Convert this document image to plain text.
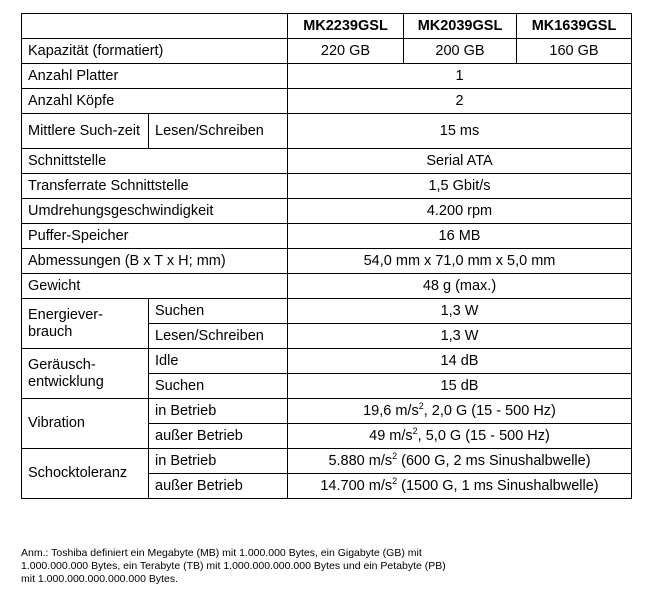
		MK2239GSL	MK2039GSL	MK1639GSL
Kapazität (formatiert)		220 GB	200 GB	160 GB
Anzahl Platter		1		
Anzahl Köpfe		2		
Mittlere Such-zeit	Lesen/Schreiben	15 ms		
Schnittstelle		Serial ATA		
Transferrate Schnittstelle		1,5 Gbit/s		
Umdrehungsgeschwindigkeit		4.200 rpm		
Puffer-Speicher		16 MB		
Abmessungen (B x T x H; mm)		54,0 mm x 71,0 mm x 5,0 mm		
Gewicht		48 g (max.)		
Energiever-brauch	Suchen	1,3 W		
	Lesen/Schreiben	1,3 W		
Geräusch-entwicklung	Idle	14 dB		
	Suchen	15 dB		
Vibration	in Betrieb	19,6 $m/s^2$, 2,0 G (15 - 500 Hz)		
	außer Betrieb	49 $m/s^2$, 5,0 G (15 - 500 Hz)		
Schocktoleranz	in Betrieb	5.880 $m/s^2$ (600 G, 2 ms Sinushalbwelle)		
	außer Betrieb	14.700 $m/s^2$ (1500 G, 1 ms Sinushalbwelle)		
Anm.: Toshiba definiert ein Megabyte (MB) mit 1.000.000 Bytes, ein Gigabyte (GB) mit
1.000.000.000 Bytes, ein Terabyte (TB) mit 1.000.000.000.000 Bytes und ein Petabyte (PB)
mit 1.000.000.000.000.000 Bytes.
